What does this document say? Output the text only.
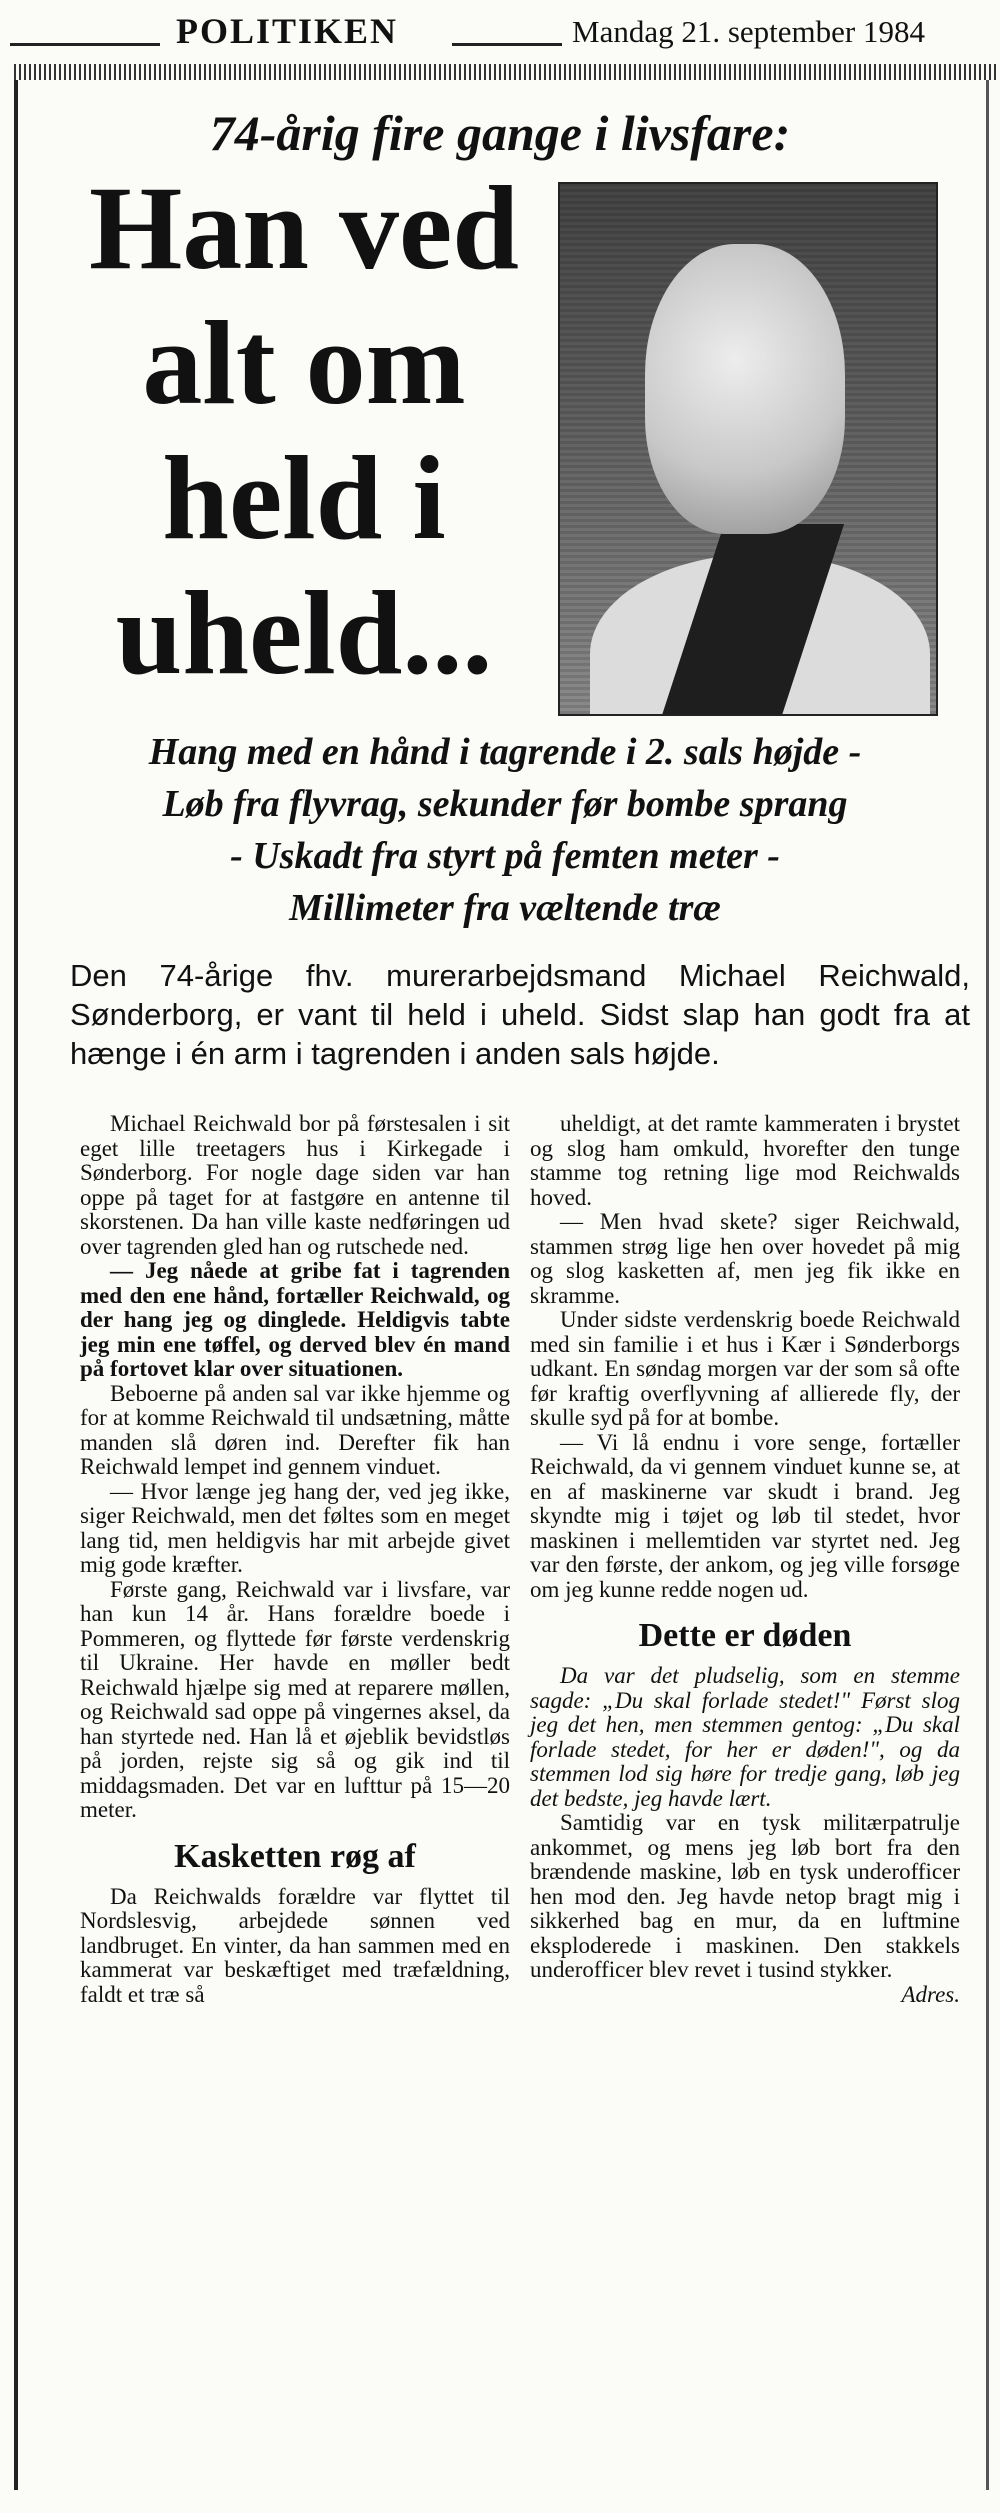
POLITIKEN	Mandag 21. september 1984
74-årig fire gange i livsfare:
Han ved
alt om
held i
uheld...
Hang med en hånd i tagrende i 2. sals højde -
Løb fra flyvrag, sekunder før bombe sprang
- Uskadt fra styrt på femten meter -
Millimeter fra væltende træ
Den 74-årige fhv. murerarbejdsmand Michael Reichwald, Sønderborg, er vant til held i uheld. Sidst slap han godt fra at hænge i én arm i tagrenden i anden sals højde.

Michael Reichwald bor på førstesalen i sit eget lille treetagers hus i Kirkegade i Sønderborg. For nogle dage siden var han oppe på taget for at fastgøre en antenne til skorstenen. Da han ville kaste nedføringen ud over tagrenden gled han og rutschede ned.

— Jeg nåede at gribe fat i tagrenden med den ene hånd, fortæller Reichwald, og der hang jeg og dinglede. Heldigvis tabte jeg min ene tøffel, og derved blev én mand på fortovet klar over situationen.

Beboerne på anden sal var ikke hjemme og for at komme Reichwald til undsætning, måtte manden slå døren ind. Derefter fik han Reichwald lempet ind gennem vinduet.

— Hvor længe jeg hang der, ved jeg ikke, siger Reichwald, men det føltes som en meget lang tid, men heldigvis har mit arbejde givet mig gode kræfter.

Første gang, Reichwald var i livsfare, var han kun 14 år. Hans forældre boede i Pommeren, og flyttede før første verdenskrig til Ukraine. Her havde en møller bedt Reichwald hjælpe sig med at reparere møllen, og Reichwald sad oppe på vingernes aksel, da han styrtede ned. Han lå et øjeblik bevidstløs på jorden, rejste sig så og gik ind til middagsmaden. Det var en lufttur på 15—20 meter.

Kasketten røg af

Da Reichwalds forældre var flyttet til Nordslesvig, arbejdede sønnen ved landbruget. En vinter, da han sammen med en kammerat var beskæftiget med træfældning, faldt et træ så

uheldigt, at det ramte kammeraten i brystet og slog ham omkuld, hvorefter den tunge stamme tog retning lige mod Reichwalds hoved.

— Men hvad skete? siger Reichwald, stammen strøg lige hen over hovedet på mig og slog kasketten af, men jeg fik ikke en skramme.

Under sidste verdenskrig boede Reichwald med sin familie i et hus i Kær i Sønderborgs udkant. En søndag morgen var der som så ofte før kraftig overflyvning af allierede fly, der skulle syd på for at bombe.

— Vi lå endnu i vore senge, fortæller Reichwald, da vi gennem vinduet kunne se, at en af maskinerne var skudt i brand. Jeg skyndte mig i tøjet og løb til stedet, hvor maskinen i mellemtiden var styrtet ned. Jeg var den første, der ankom, og jeg ville forsøge om jeg kunne redde nogen ud.

Dette er døden

Da var det pludselig, som en stemme sagde: „Du skal forlade stedet!" Først slog jeg det hen, men stemmen gentog: „Du skal forlade stedet, for her er døden!", og da stemmen lod sig høre for tredje gang, løb jeg det bedste, jeg havde lært.

Samtidig var en tysk militærpatrulje ankommet, og mens jeg løb bort fra den brændende maskine, løb en tysk underofficer hen mod den. Jeg havde netop bragt mig i sikkerhed bag en mur, da en luftmine eksploderede i maskinen. Den stakkels underofficer blev revet i tusind stykker.

Adres.
